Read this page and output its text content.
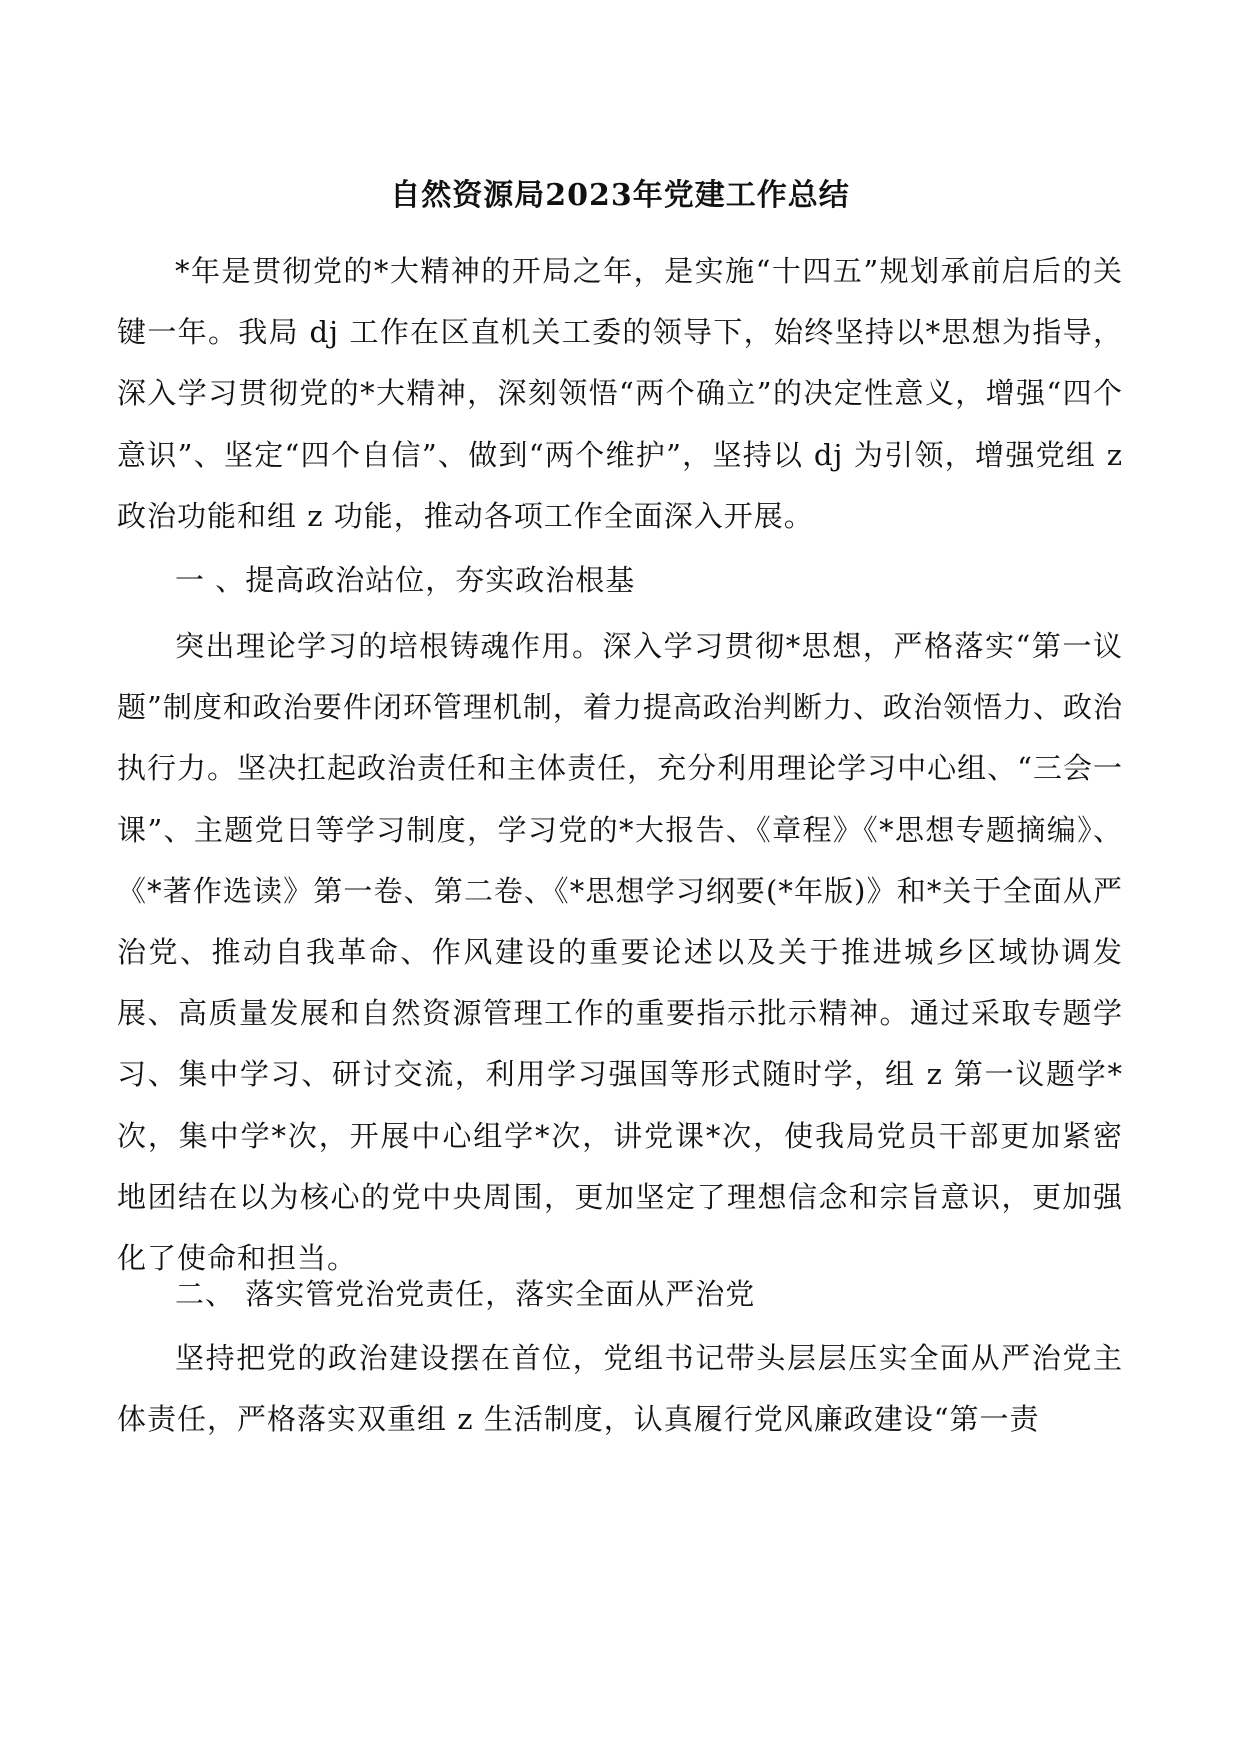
自然资源局2023年党建工作总结

*年是贯彻党的*大精神的开局之年，是实施“十四五”规划承前启后的关键一年。我局 dj 工作在区直机关工委的领导下，始终坚持以*思想为指导，深入学习贯彻党的*大精神，深刻领悟“两个确立”的决定性意义，增强“四个意识”、坚定“四个自信”、做到“两个维护”，坚持以 dj 为引领，增强党组 z 政治功能和组 z 功能，推动各项工作全面深入开展。

一 、提高政治站位，夯实政治根基

突出理论学习的培根铸魂作用。深入学习贯彻*思想，严格落实“第一议题”制度和政治要件闭环管理机制，着力提高政治判断力、政治领悟力、政治执行力。坚决扛起政治责任和主体责任，充分利用理论学习中心组、“三会一课”、主题党日等学习制度，学习党的*大报告、《章程》《*思想专题摘编》、《*著作选读》第一卷、第二卷、《*思想学习纲要(*年版)》和*关于全面从严治党、推动自我革命、作风建设的重要论述以及关于推进城乡区域协调发展、高质量发展和自然资源管理工作的重要指示批示精神。通过采取专题学习、集中学习、研讨交流，利用学习强国等形式随时学，组 z 第一议题学*次，集中学*次，开展中心组学*次，讲党课*次，使我局党员干部更加紧密地团结在以为核心的党中央周围，更加坚定了理想信念和宗旨意识，更加强化了使命和担当。

二、 落实管党治党责任，落实全面从严治党

坚持把党的政治建设摆在首位，党组书记带头层层压实全面从严治党主体责任，严格落实双重组 z 生活制度，认真履行党风廉政建设“第一责
